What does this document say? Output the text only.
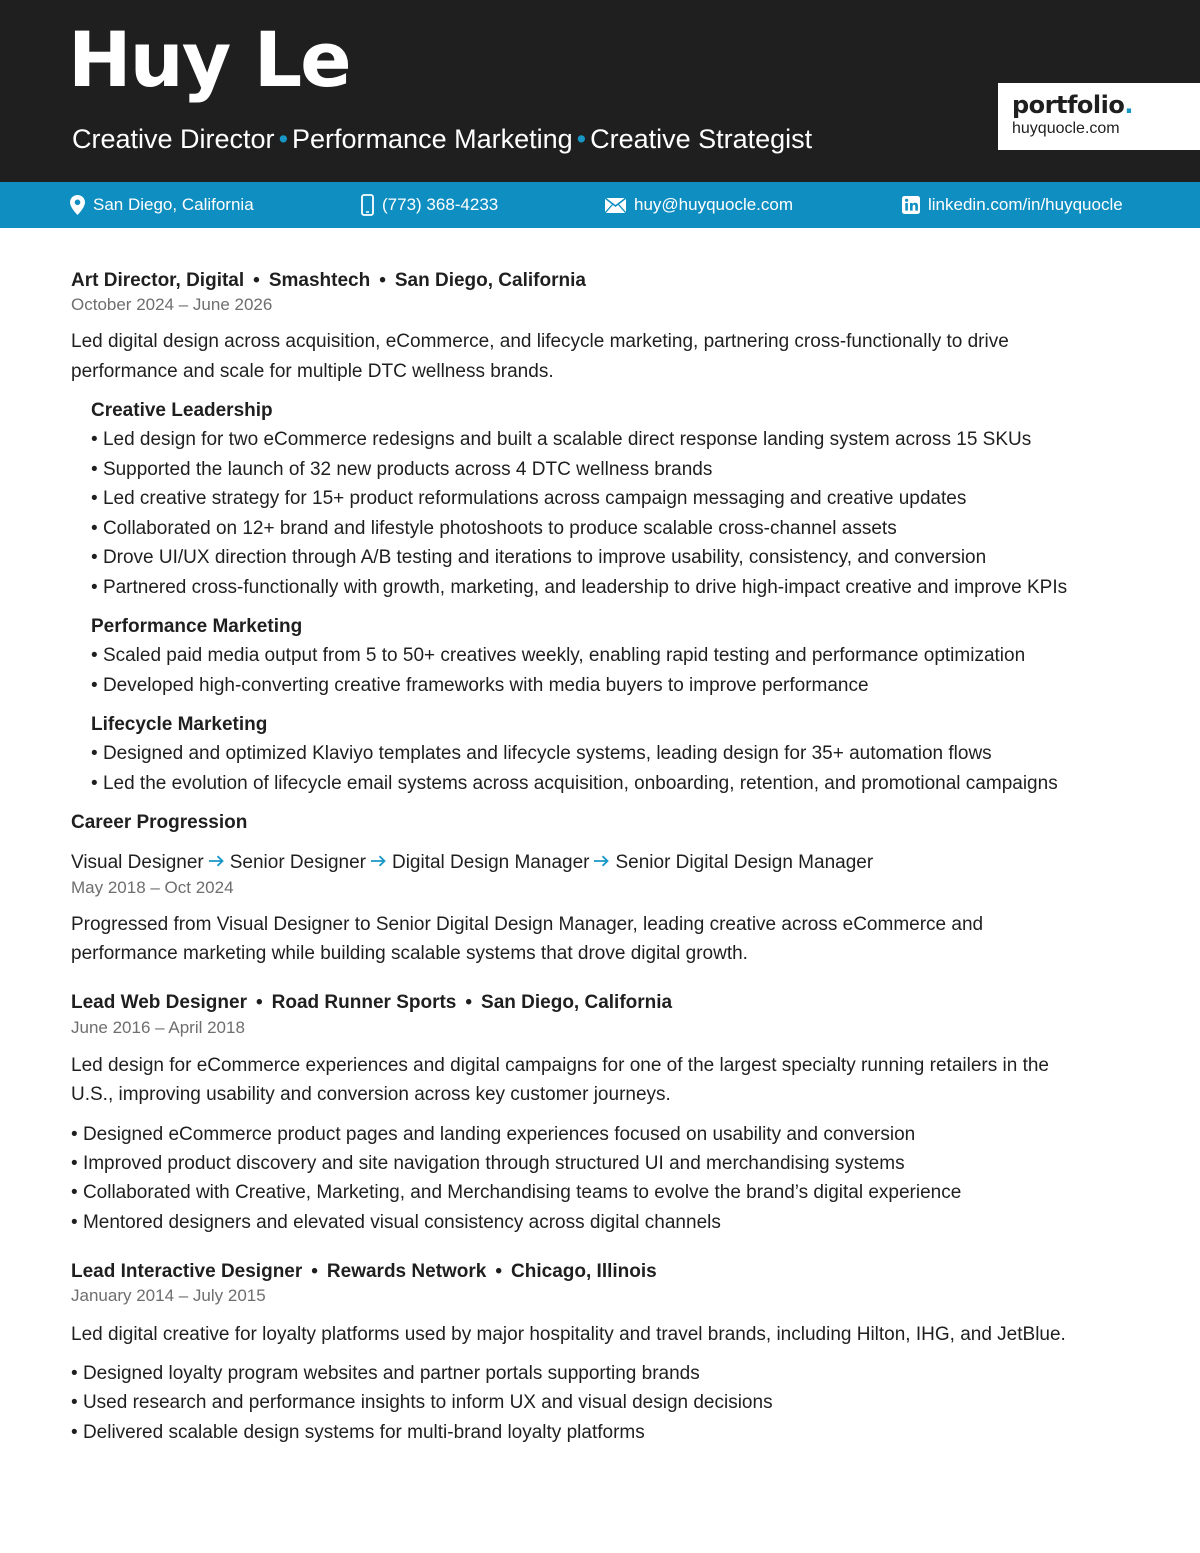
Huy Le

Creative Director • Performance Marketing • Creative Strategist

portfolio.
huyquocle.com
San Diego, California	(773) 368-4233	huy@huyquocle.com	linkedin.com/in/huyquocle
Art Director, Digital • Smashtech • San Diego, California
October 2024 – June 2026
Led digital design across acquisition, eCommerce, and lifecycle marketing, partnering cross-functionally to drive
performance and scale for multiple DTC wellness brands.
Creative Leadership
• Led design for two eCommerce redesigns and built a scalable direct response landing system across 15 SKUs
• Supported the launch of 32 new products across 4 DTC wellness brands
• Led creative strategy for 15+ product reformulations across campaign messaging and creative updates
• Collaborated on 12+ brand and lifestyle photoshoots to produce scalable cross-channel assets
• Drove UI/UX direction through A/B testing and iterations to improve usability, consistency, and conversion
• Partnered cross-functionally with growth, marketing, and leadership to drive high-impact creative and improve KPIs
Performance Marketing
• Scaled paid media output from 5 to 50+ creatives weekly, enabling rapid testing and performance optimization
• Developed high-converting creative frameworks with media buyers to improve performance
Lifecycle Marketing
• Designed and optimized Klaviyo templates and lifecycle systems, leading design for 35+ automation flows
• Led the evolution of lifecycle email systems across acquisition, onboarding, retention, and promotional campaigns
Career Progression
Visual Designer Senior Designer Digital Design Manager Senior Digital Design Manager
May 2018 – Oct 2024
Progressed from Visual Designer to Senior Digital Design Manager, leading creative across eCommerce and
performance marketing while building scalable systems that drove digital growth.
Lead Web Designer • Road Runner Sports • San Diego, California
June 2016 – April 2018
Led design for eCommerce experiences and digital campaigns for one of the largest specialty running retailers in the
U.S., improving usability and conversion across key customer journeys.
• Designed eCommerce product pages and landing experiences focused on usability and conversion
• Improved product discovery and site navigation through structured UI and merchandising systems
• Collaborated with Creative, Marketing, and Merchandising teams to evolve the brand’s digital experience
• Mentored designers and elevated visual consistency across digital channels
Lead Interactive Designer • Rewards Network • Chicago, Illinois
January 2014 – July 2015
Led digital creative for loyalty platforms used by major hospitality and travel brands, including Hilton, IHG, and JetBlue.
• Designed loyalty program websites and partner portals supporting brands
• Used research and performance insights to inform UX and visual design decisions
• Delivered scalable design systems for multi-brand loyalty platforms
